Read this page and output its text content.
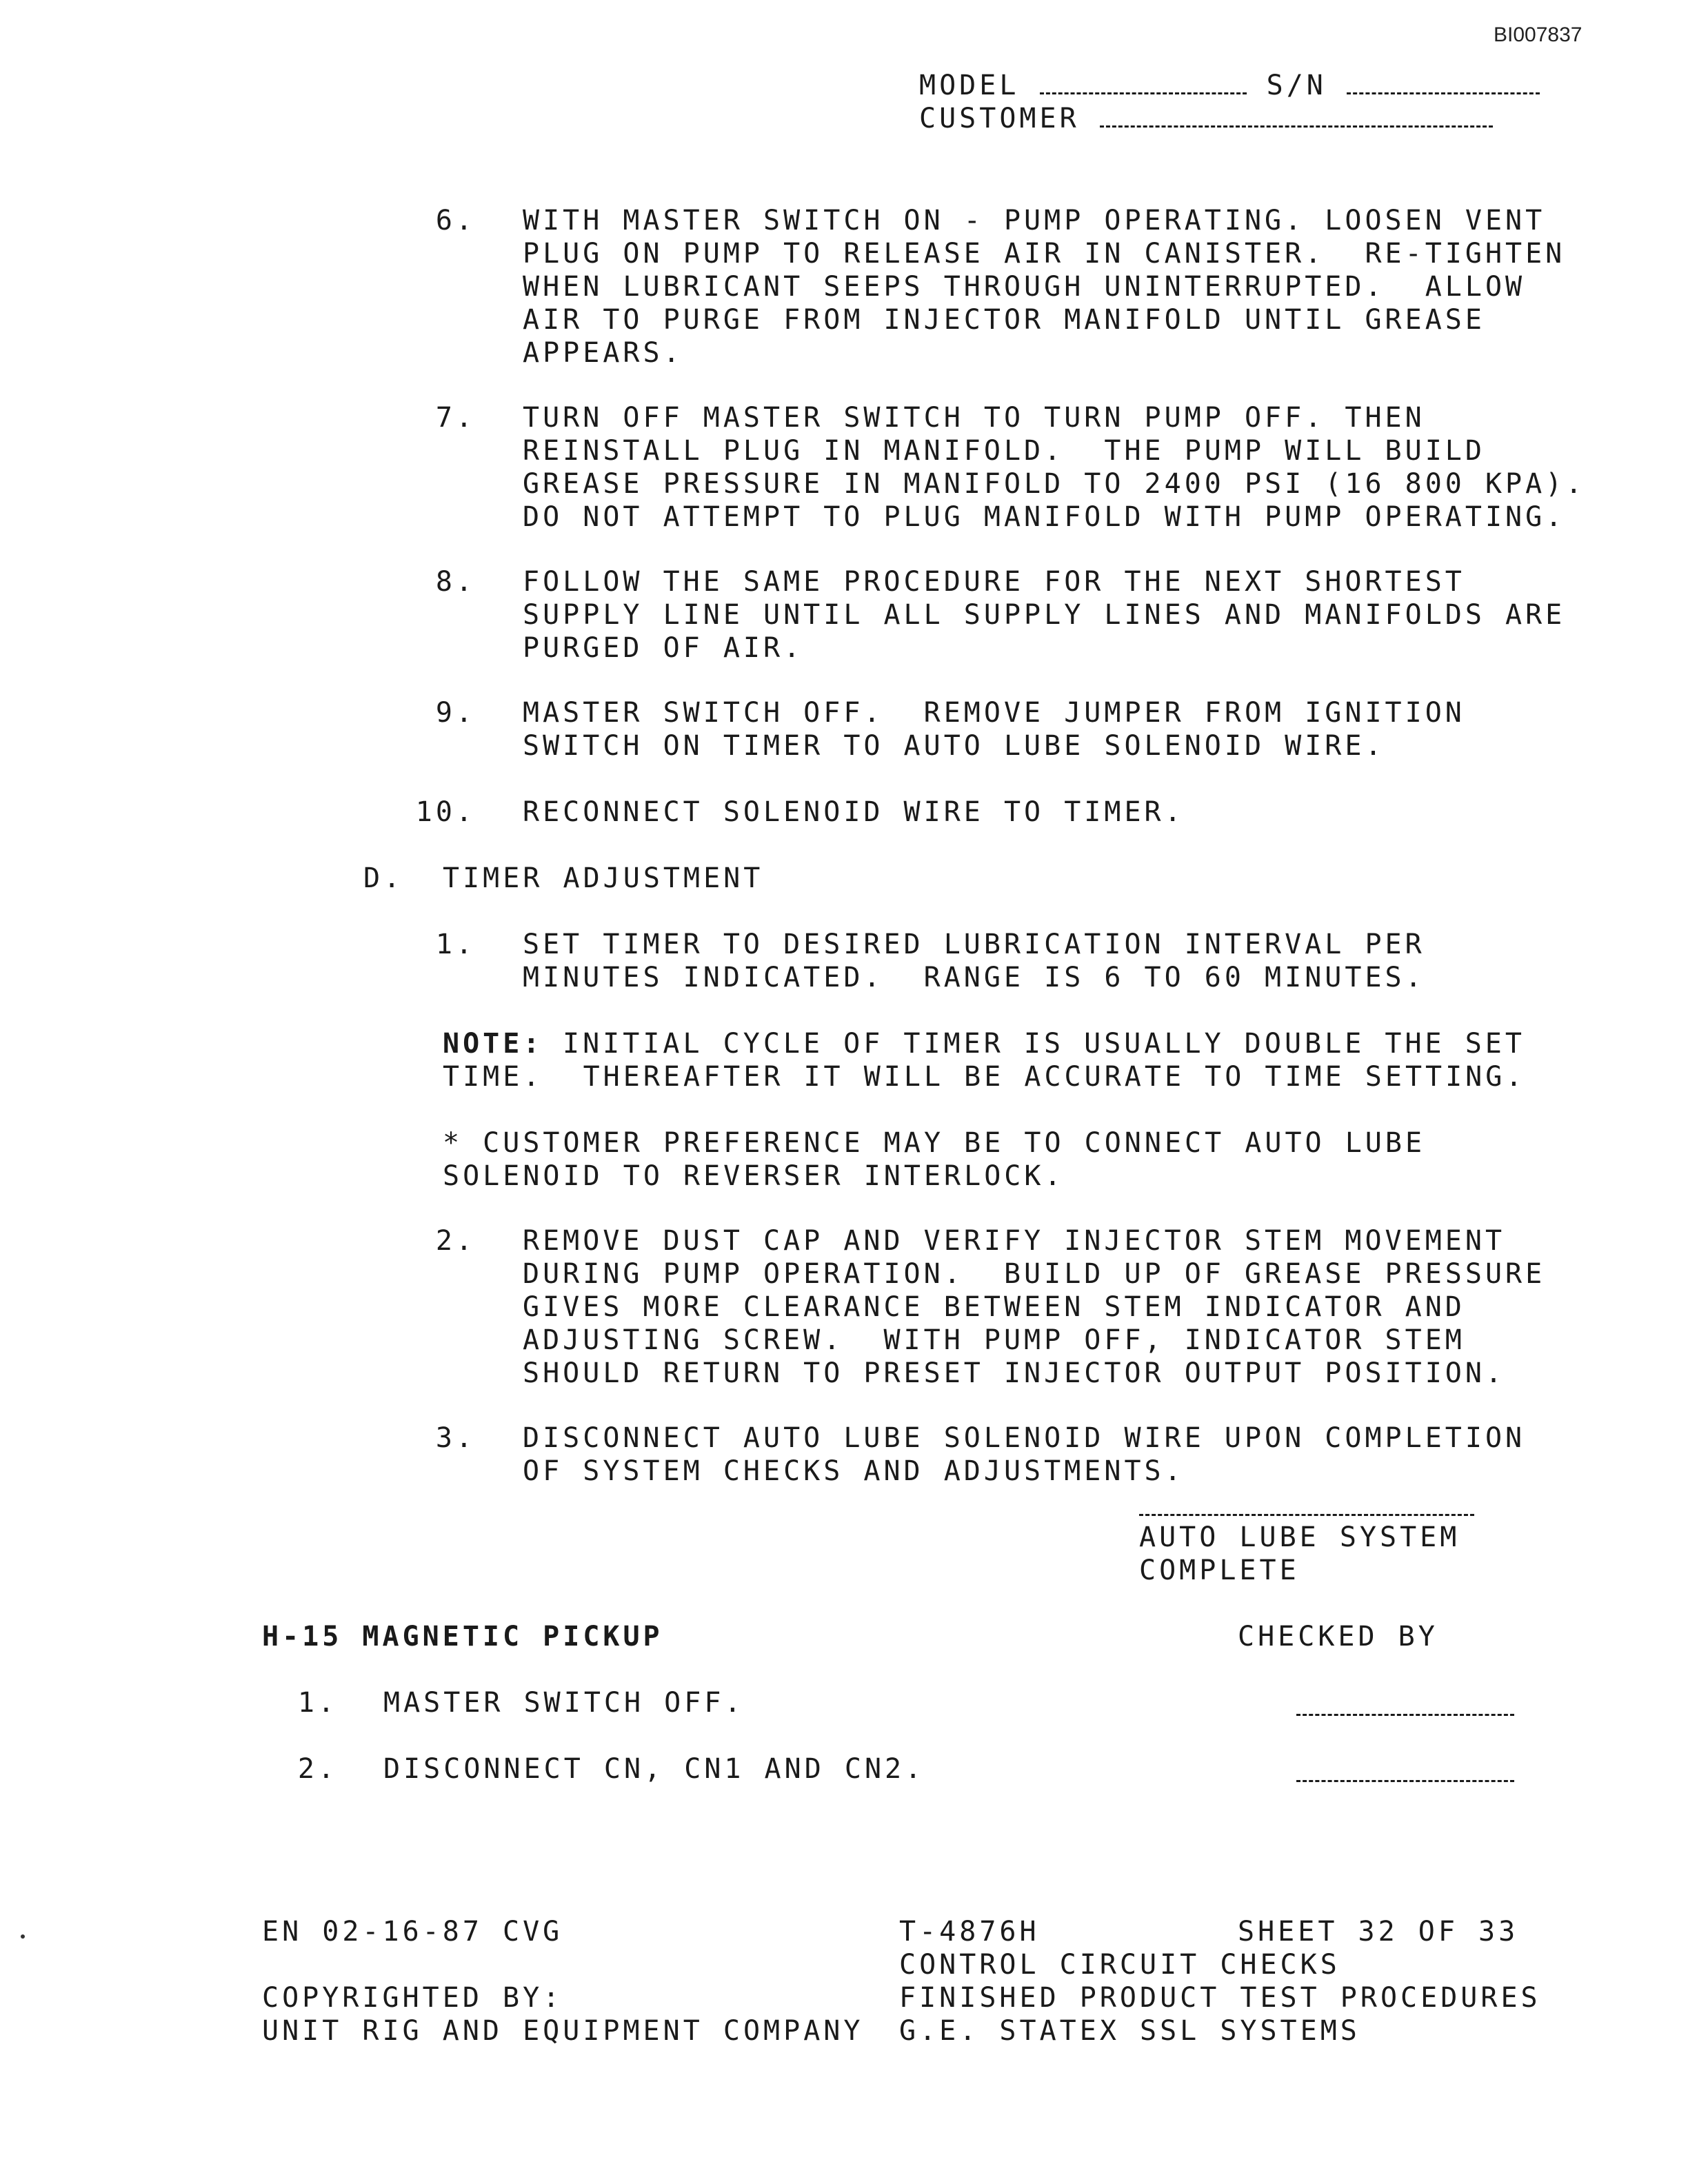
BI007837
MODEL	S/N
CUSTOMER
6. WITH MASTER SWITCH ON - PUMP OPERATING. LOOSEN VENT
PLUG ON PUMP TO RELEASE AIR IN CANISTER.  RE-TIGHTEN
WHEN LUBRICANT SEEPS THROUGH UNINTERRUPTED.  ALLOW
AIR TO PURGE FROM INJECTOR MANIFOLD UNTIL GREASE
APPEARS.
7. TURN OFF MASTER SWITCH TO TURN PUMP OFF. THEN
REINSTALL PLUG IN MANIFOLD.  THE PUMP WILL BUILD
GREASE PRESSURE IN MANIFOLD TO 2400 PSI (16 800 KPA).
DO NOT ATTEMPT TO PLUG MANIFOLD WITH PUMP OPERATING.
8. FOLLOW THE SAME PROCEDURE FOR THE NEXT SHORTEST
SUPPLY LINE UNTIL ALL SUPPLY LINES AND MANIFOLDS ARE
PURGED OF AIR.
9. MASTER SWITCH OFF.  REMOVE JUMPER FROM IGNITION
SWITCH ON TIMER TO AUTO LUBE SOLENOID WIRE.
10. RECONNECT SOLENOID WIRE TO TIMER.
D. TIMER ADJUSTMENT
1. SET TIMER TO DESIRED LUBRICATION INTERVAL PER
MINUTES INDICATED.  RANGE IS 6 TO 60 MINUTES.
NOTE: INITIAL CYCLE OF TIMER IS USUALLY DOUBLE THE SET
TIME.  THEREAFTER IT WILL BE ACCURATE TO TIME SETTING.
* CUSTOMER PREFERENCE MAY BE TO CONNECT AUTO LUBE
SOLENOID TO REVERSER INTERLOCK.
2. REMOVE DUST CAP AND VERIFY INJECTOR STEM MOVEMENT
DURING PUMP OPERATION.  BUILD UP OF GREASE PRESSURE
GIVES MORE CLEARANCE BETWEEN STEM INDICATOR AND
ADJUSTING SCREW.  WITH PUMP OFF, INDICATOR STEM
SHOULD RETURN TO PRESET INJECTOR OUTPUT POSITION.
3. DISCONNECT AUTO LUBE SOLENOID WIRE UPON COMPLETION
OF SYSTEM CHECKS AND ADJUSTMENTS.
AUTO LUBE SYSTEM
COMPLETE
H-15 MAGNETIC PICKUP	CHECKED BY
1. MASTER SWITCH OFF.
2. DISCONNECT CN, CN1 AND CN2.
EN 02-16-87 CVG
COPYRIGHTED BY:
UNIT RIG AND EQUIPMENT COMPANY
T-4876H	SHEET 32 OF 33
CONTROL CIRCUIT CHECKS
FINISHED PRODUCT TEST PROCEDURES
G.E. STATEX SSL SYSTEMS
